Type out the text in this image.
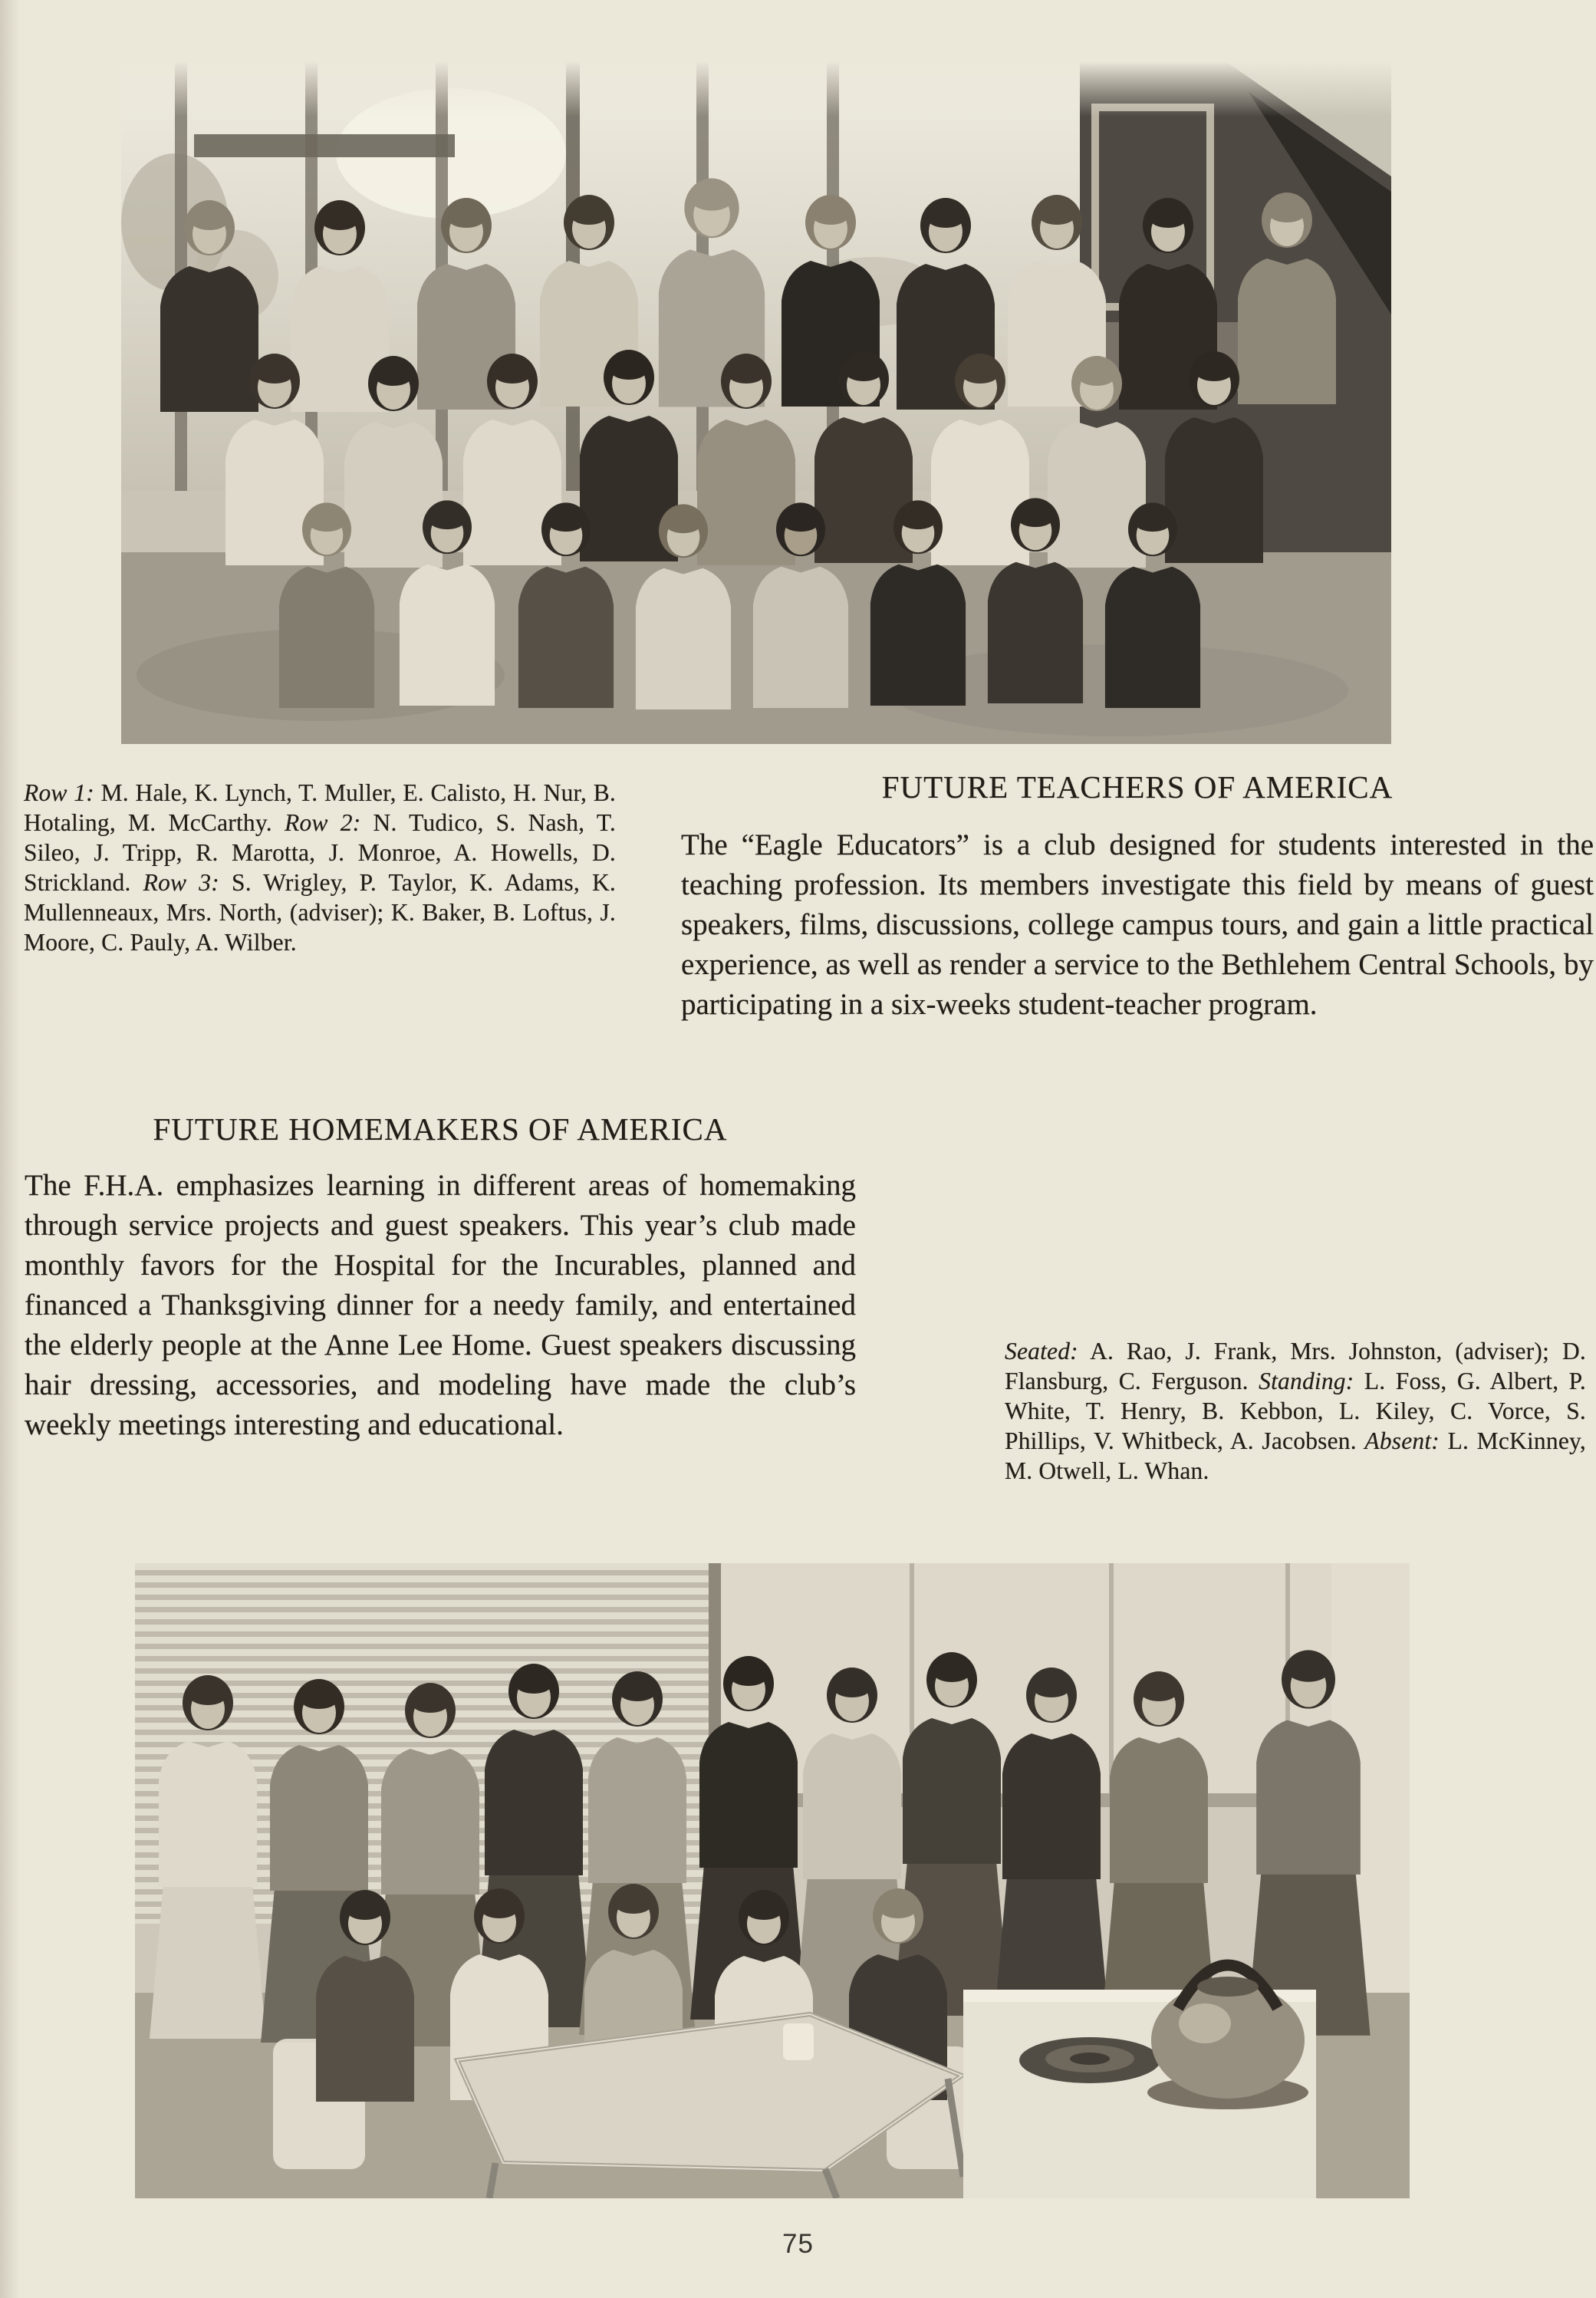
Row 1: M. Hale, K. Lynch, T. Muller, E. Calisto, H. Nur, B. Hotaling, M. McCarthy. Row 2: N. Tudico, S. Nash, T. Sileo, J. Tripp, R. Marotta, J. Monroe, A. Howells, D. Strickland. Row 3: S. Wrigley, P. Taylor, K. Adams, K. Mullenneaux, Mrs. North, (adviser); K. Baker, B. Loftus, J. Moore, C. Pauly, A. Wilber.

FUTURE TEACHERS OF AMERICA

The “Eagle Educators” is a club designed for students interested in the teaching profession. Its members investigate this field by means of guest speakers, films, discussions, college campus tours, and gain a little practical experience, as well as render a service to the Bethlehem Central Schools, by participating in a six-weeks student-teacher program.

FUTURE HOMEMAKERS OF AMERICA

The F.H.A. emphasizes learning in different areas of homemaking through service projects and guest speakers. This year’s club made monthly favors for the Hospital for the Incurables, planned and financed a Thanksgiving dinner for a needy family, and entertained the elderly people at the Anne Lee Home. Guest speakers discussing hair dressing, accessories, and modeling have made the club’s weekly meetings interesting and educational.

Seated: A. Rao, J. Frank, Mrs. Johnston, (adviser); D. Flansburg, C. Ferguson. Standing: L. Foss, G. Albert, P. White, T. Henry, B. Kebbon, L. Kiley, C. Vorce, S. Phillips, V. Whitbeck, A. Jacobsen. Absent: L. McKinney, M. Otwell, L. Whan.

75
